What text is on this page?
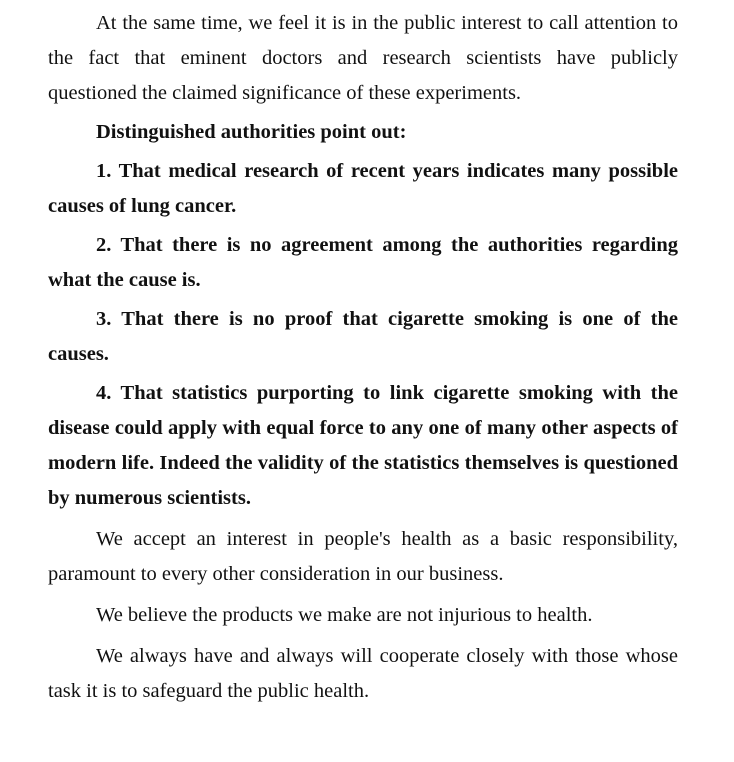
At the same time, we feel it is in the public interest to call attention to the fact that eminent doctors and research scientists have publicly questioned the claimed significance of these experiments.

Distinguished authorities point out:

1. That medical research of recent years indicates many possible causes of lung cancer.

2. That there is no agreement among the authorities regarding what the cause is.

3. That there is no proof that cigarette smoking is one of the causes.

4. That statistics purporting to link cigarette smoking with the disease could apply with equal force to any one of many other aspects of modern life. Indeed the validity of the statistics themselves is questioned by numerous scientists.

We accept an interest in people's health as a basic responsibility, paramount to every other consideration in our business.

We believe the products we make are not injurious to health.

We always have and always will cooperate closely with those whose task it is to safeguard the public health.
